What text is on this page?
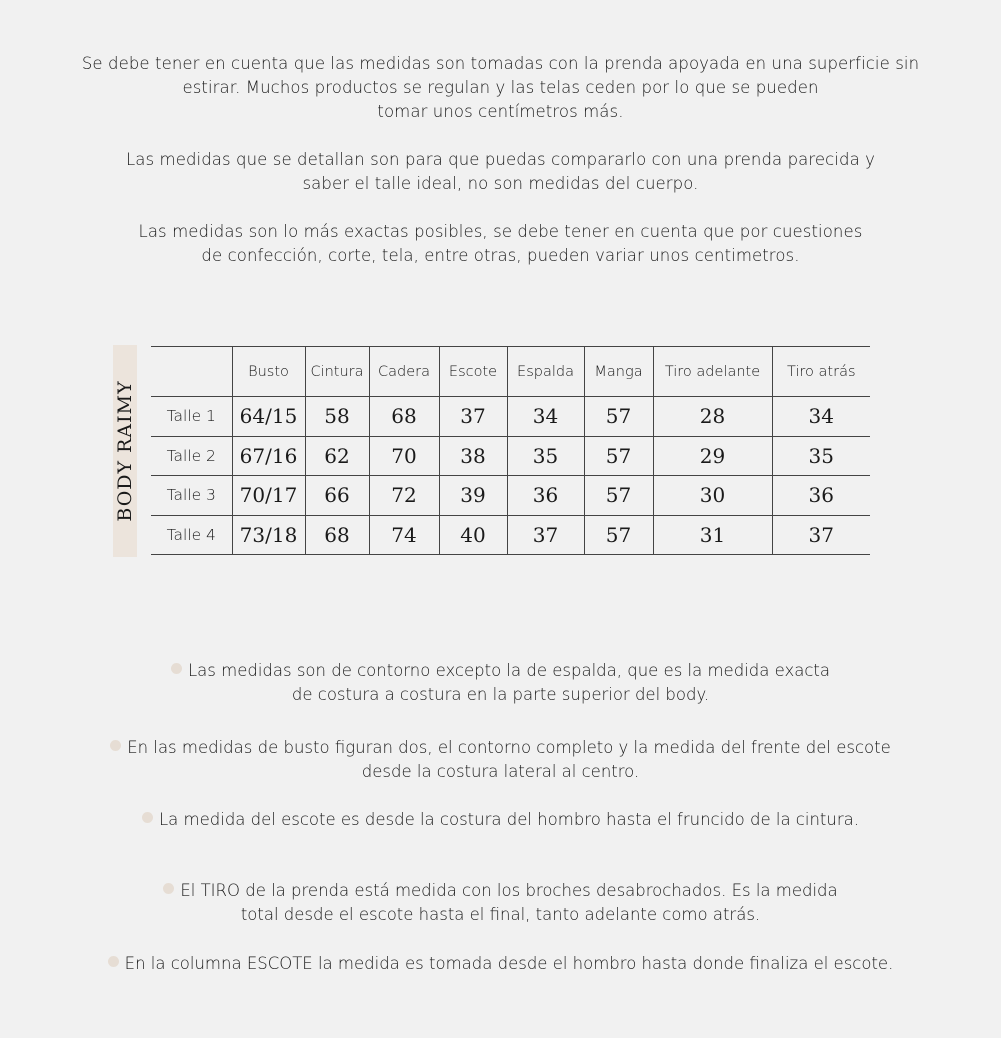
Se debe tener en cuenta que las medidas son tomadas con la prenda apoyada en una superficie sin
estirar. Muchos productos se regulan y las telas ceden por lo que se pueden
tomar unos centímetros más.

Las medidas que se detallan son para que puedas compararlo con una prenda parecida y
saber el talle ideal, no son medidas del cuerpo.

Las medidas son lo más exactas posibles, se debe tener en cuenta que por cuestiones
de confección, corte, tela, entre otras, pueden variar unos centimetros.

BODY RAIMY
	Busto	Cintura	Cadera	Escote	Espalda	Manga	Tiro adelante	Tiro atrás
Talle 1	64/15	58	68	37	34	57	28	34
Talle 2	67/16	62	70	38	35	57	29	35
Talle 3	70/17	66	72	39	36	57	30	36
Talle 4	73/18	68	74	40	37	57	31	37
Las medidas son de contorno excepto la de espalda, que es la medida exacta
de costura a costura en la parte superior del body.
En las medidas de busto figuran dos, el contorno completo y la medida del frente del escote
desde la costura lateral al centro.
La medida del escote es desde la costura del hombro hasta el fruncido de la cintura.
El TIRO de la prenda está medida con los broches desabrochados. Es la medida
total desde el escote hasta el final, tanto adelante como atrás.
En la columna ESCOTE la medida es tomada desde el hombro hasta donde finaliza el escote.
